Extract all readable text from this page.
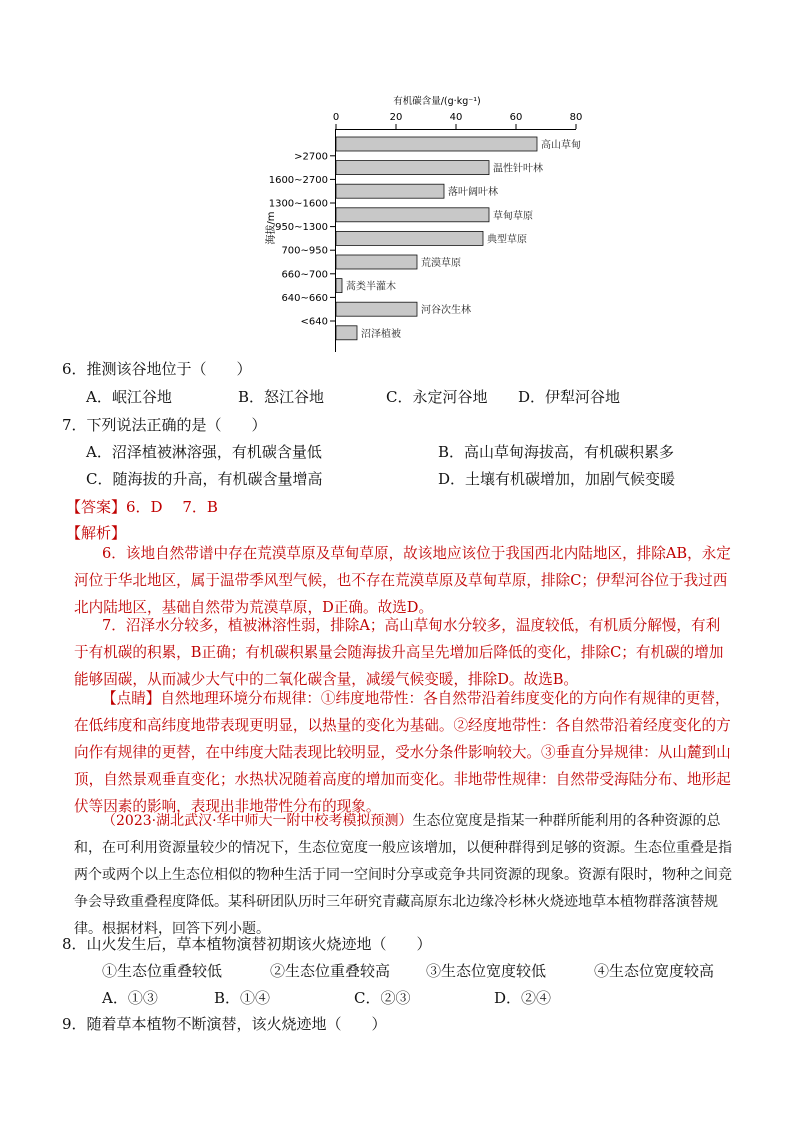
有机碳含量/(g·kg⁻¹)
0	20	40	60	80
>2700
1600~2700
1300~1600
950~1300
700~950
660~700
640~660
<640
海拔/m
高山草甸
温性针叶林
落叶阔叶林
草甸草原
典型草原
荒漠草原
蒿类半灌木
河谷次生林
沼泽植被
6．推测该谷地位于（　　）
A．岷江谷地	B．怒江谷地	C．永定河谷地 D．伊犁河谷地
7．下列说法正确的是（　　）
A．沼泽植被淋溶强，有机碳含量低	B．高山草甸海拔高，有机碳积累多
C．随海拔的升高，有机碳含量增高	D．土壤有机碳增加，加剧气候变暖
【答案】6．D　 7．B
【解析】
6．该地自然带谱中存在荒漠草原及草甸草原，故该地应该位于我国西北内陆地区，排除AB，永定河位于华北地区，属于温带季风型气候，也不存在荒漠草原及草甸草原，排除C；伊犁河谷位于我过西北内陆地区，基础自然带为荒漠草原，D正确。故选D。
7．沼泽水分较多，植被淋溶性弱，排除A；高山草甸水分较多，温度较低，有机质分解慢，有利于有机碳的积累，B正确；有机碳积累量会随海拔升高呈先增加后降低的变化，排除C；有机碳的增加能够固碳，从而减少大气中的二氧化碳含量，减缓气候变暖，排除D。故选B。
【点睛】自然地理环境分布规律：①纬度地带性：各自然带沿着纬度变化的方向作有规律的更替，在低纬度和高纬度地带表现更明显，以热量的变化为基础。②经度地带性：各自然带沿着经度变化的方向作有规律的更替，在中纬度大陆表现比较明显，受水分条件影响较大。③垂直分异规律：从山麓到山顶，自然景观垂直变化；水热状况随着高度的增加而变化。非地带性规律：自然带受海陆分布、地形起伏等因素的影响，表现出非地带性分布的现象。
（2023·湖北武汉·华中师大一附中校考模拟预测）生态位宽度是指某一种群所能利用的各种资源的总和，在可利用资源量较少的情况下，生态位宽度一般应该增加，以便种群得到足够的资源。生态位重叠是指两个或两个以上生态位相似的物种生活于同一空间时分享或竞争共同资源的现象。资源有限时，物种之间竞争会导致重叠程度降低。某科研团队历时三年研究青藏高原东北边缘冷杉林火烧迹地草本植物群落演替规律。根据材料，回答下列小题。
8．山火发生后，草本植物演替初期该火烧迹地（　　）
①生态位重叠较低	②生态位重叠较高 ③生态位宽度较低	④生态位宽度较高
A．①③	B．①④	C．②③	D．②④
9．随着草本植物不断演替，该火烧迹地（　　）
